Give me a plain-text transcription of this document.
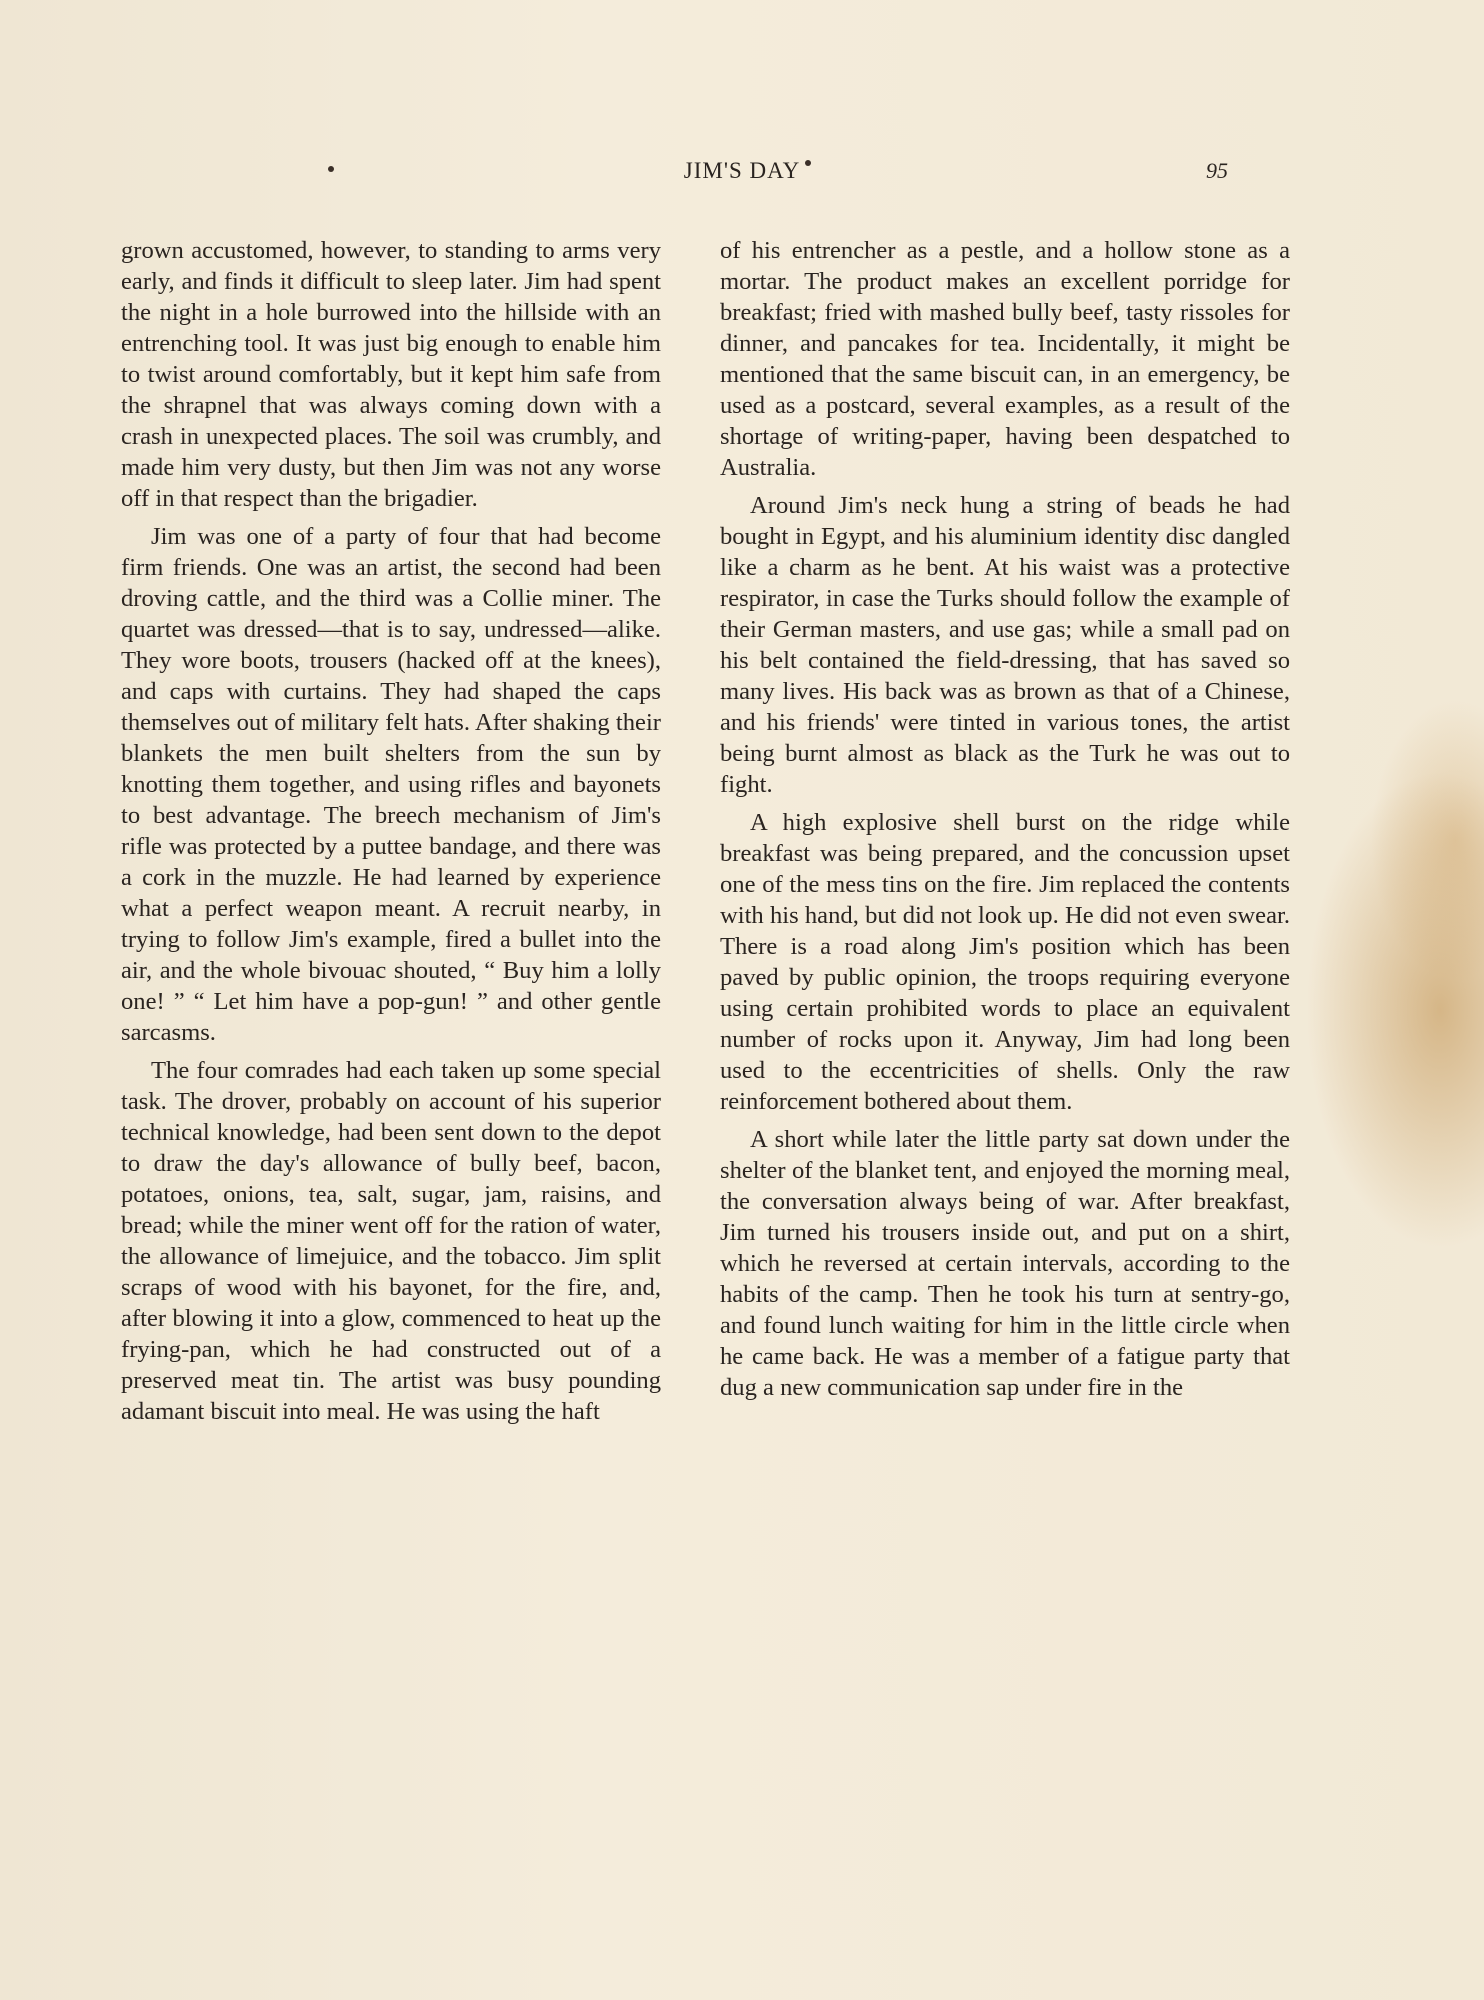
JIM'S DAY	95

grown accustomed, however, to standing to arms very early, and finds it difficult to sleep later. Jim had spent the night in a hole burrowed into the hillside with an entrenching tool. It was just big enough to enable him to twist around comfortably, but it kept him safe from the shrapnel that was always coming down with a crash in unexpected places. The soil was crumbly, and made him very dusty, but then Jim was not any worse off in that respect than the brigadier.

Jim was one of a party of four that had become firm friends. One was an artist, the second had been droving cattle, and the third was a Collie miner. The quartet was dressed—that is to say, undressed—alike. They wore boots, trousers (hacked off at the knees), and caps with curtains. They had shaped the caps themselves out of military felt hats. After shaking their blankets the men built shelters from the sun by knotting them together, and using rifles and bayonets to best advantage. The breech mechanism of Jim's rifle was protected by a puttee bandage, and there was a cork in the muzzle. He had learned by experience what a perfect weapon meant. A recruit nearby, in trying to follow Jim's example, fired a bullet into the air, and the whole bivouac shouted, “ Buy him a lolly one! ” “ Let him have a pop-gun! ” and other gentle sarcasms.

The four comrades had each taken up some special task. The drover, probably on account of his superior technical knowledge, had been sent down to the depot to draw the day's allowance of bully beef, bacon, potatoes, onions, tea, salt, sugar, jam, raisins, and bread; while the miner went off for the ration of water, the allowance of limejuice, and the tobacco. Jim split scraps of wood with his bayonet, for the fire, and, after blowing it into a glow, commenced to heat up the frying-pan, which he had constructed out of a preserved meat tin. The artist was busy pounding adamant biscuit into meal. He was using the haft

of his entrencher as a pestle, and a hollow stone as a mortar. The product makes an excellent porridge for breakfast; fried with mashed bully beef, tasty rissoles for dinner, and pancakes for tea. Incidentally, it might be mentioned that the same biscuit can, in an emergency, be used as a postcard, several examples, as a result of the shortage of writing-paper, having been despatched to Australia.

Around Jim's neck hung a string of beads he had bought in Egypt, and his aluminium identity disc dangled like a charm as he bent. At his waist was a protective respirator, in case the Turks should follow the example of their German masters, and use gas; while a small pad on his belt contained the field-dressing, that has saved so many lives. His back was as brown as that of a Chinese, and his friends' were tinted in various tones, the artist being burnt almost as black as the Turk he was out to fight.

A high explosive shell burst on the ridge while breakfast was being prepared, and the concussion upset one of the mess tins on the fire. Jim replaced the contents with his hand, but did not look up. He did not even swear. There is a road along Jim's position which has been paved by public opinion, the troops requiring everyone using certain prohibited words to place an equivalent number of rocks upon it. Anyway, Jim had long been used to the eccentricities of shells. Only the raw reinforcement bothered about them.

A short while later the little party sat down under the shelter of the blanket tent, and enjoyed the morning meal, the conversation always being of war. After breakfast, Jim turned his trousers inside out, and put on a shirt, which he reversed at certain intervals, according to the habits of the camp. Then he took his turn at sentry-go, and found lunch waiting for him in the little circle when he came back. He was a member of a fatigue party that dug a new communication sap under fire in the
